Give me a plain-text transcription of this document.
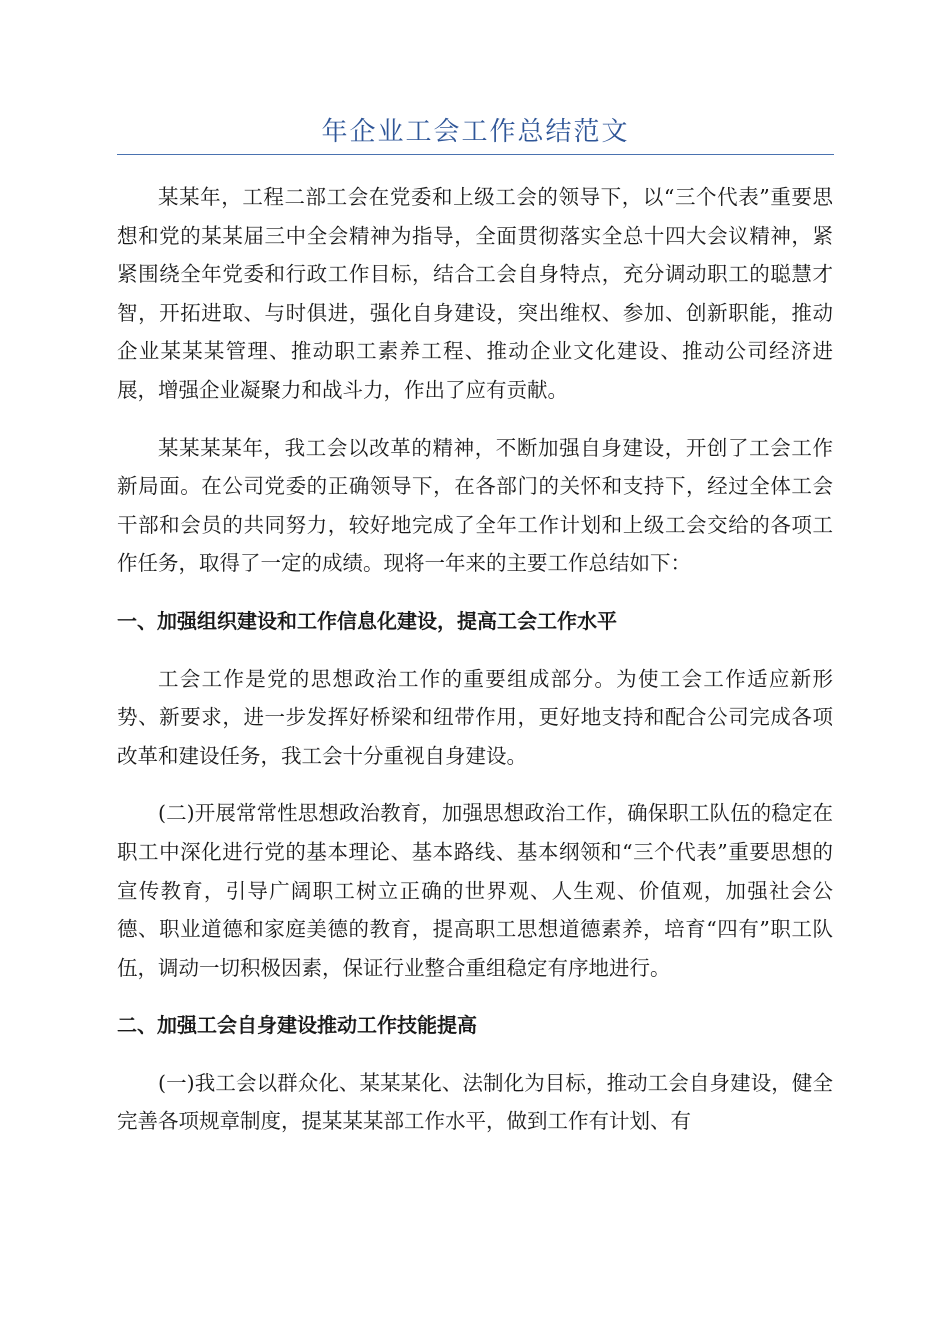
年企业工会工作总结范文

某某年，工程二部工会在党委和上级工会的领导下，以“三个代表”重要思想和党的某某届三中全会精神为指导，全面贯彻落实全总十四大会议精神，紧紧围绕全年党委和行政工作目标，结合工会自身特点，充分调动职工的聪慧才智，开拓进取、与时俱进，强化自身建设，突出维权、参加、创新职能，推动企业某某某管理、推动职工素养工程、推动企业文化建设、推动公司经济进展，增强企业凝聚力和战斗力，作出了应有贡献。

某某某某年，我工会以改革的精神，不断加强自身建设，开创了工会工作新局面。在公司党委的正确领导下，在各部门的关怀和支持下，经过全体工会干部和会员的共同努力，较好地完成了全年工作计划和上级工会交给的各项工作任务，取得了一定的成绩。现将一年来的主要工作总结如下：

一、加强组织建设和工作信息化建设，提高工会工作水平

工会工作是党的思想政治工作的重要组成部分。为使工会工作适应新形势、新要求，进一步发挥好桥梁和纽带作用，更好地支持和配合公司完成各项改革和建设任务，我工会十分重视自身建设。

(二)开展常常性思想政治教育，加强思想政治工作，确保职工队伍的稳定在职工中深化进行党的基本理论、基本路线、基本纲领和“三个代表”重要思想的宣传教育，引导广阔职工树立正确的世界观、人生观、价值观，加强社会公德、职业道德和家庭美德的教育，提高职工思想道德素养，培育“四有”职工队伍，调动一切积极因素，保证行业整合重组稳定有序地进行。

二、加强工会自身建设推动工作技能提高

(一)我工会以群众化、某某某化、法制化为目标，推动工会自身建设，健全完善各项规章制度，提某某某部工作水平，做到工作有计划、有
